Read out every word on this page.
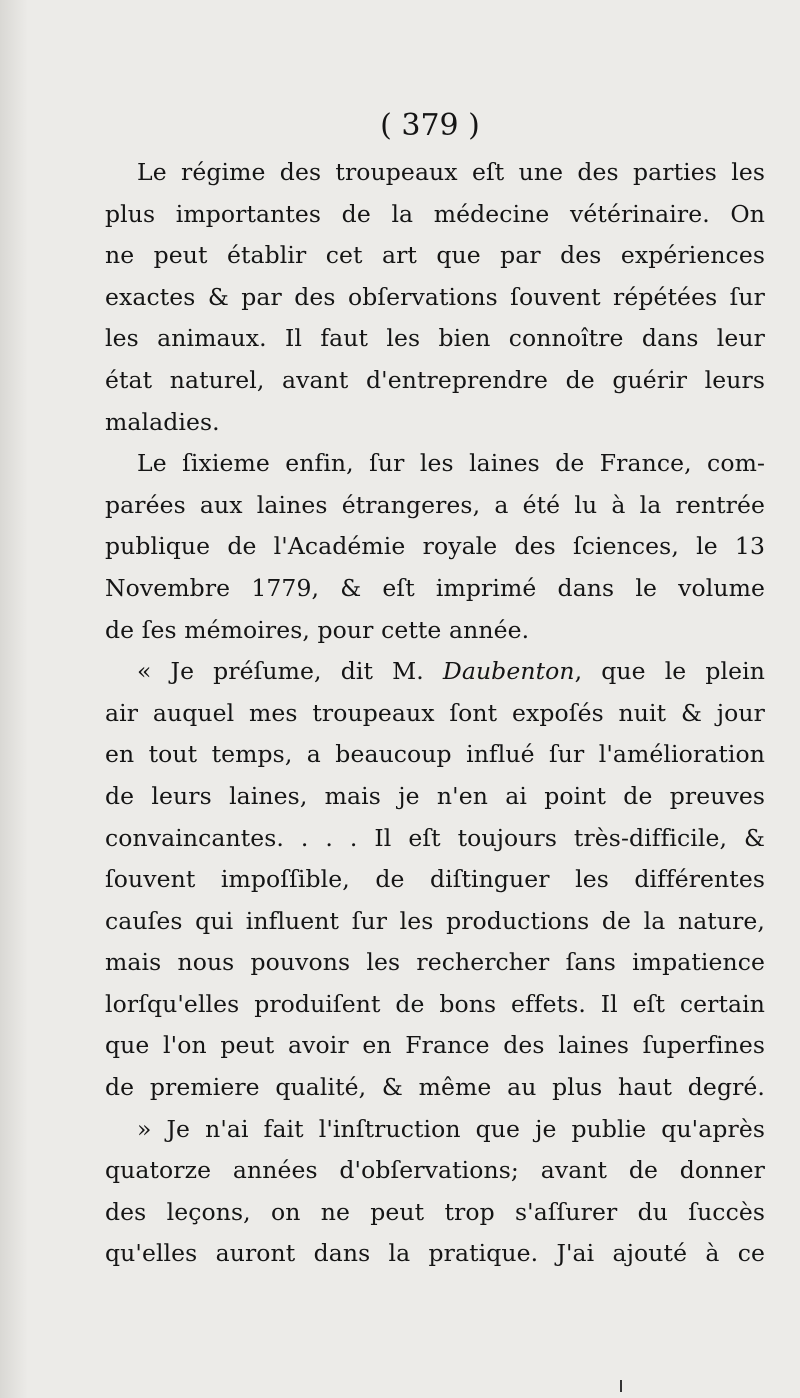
( 379 )
Le régime des troupeaux eſt une des parties les
plus importantes de la médecine vétérinaire. On
ne peut établir cet art que par des expériences
exactes & par des obſervations ſouvent répétées ſur
les animaux. Il faut les bien connoître dans leur
état naturel, avant d'entreprendre de guérir leurs
maladies.
Le ſixieme enfin, ſur les laines de France, com-
parées aux laines étrangeres, a été lu à la rentrée
publique de l'Académie royale des ſciences, le 13
Novembre 1779, & eſt imprimé dans le volume
de ſes mémoires, pour cette année.
« Je préſume, dit M. Daubenton, que le plein
air auquel mes troupeaux ſont expoſés nuit & jour
en tout temps, a beaucoup influé ſur l'amélioration
de leurs laines, mais je n'en ai point de preuves
convaincantes. . . . Il eſt toujours très-difficile, &
ſouvent impoſſible, de diſtinguer les différentes
cauſes qui influent ſur les productions de la nature,
mais nous pouvons les rechercher ſans impatience
lorſqu'elles produiſent de bons effets. Il eſt certain
que l'on peut avoir en France des laines ſuperfines
de premiere qualité, & même au plus haut degré.
» Je n'ai fait l'inſtruction que je publie qu'après
quatorze années d'obſervations; avant de donner
des leçons, on ne peut trop s'aſſurer du ſuccès
qu'elles auront dans la pratique. J'ai ajouté à ce
